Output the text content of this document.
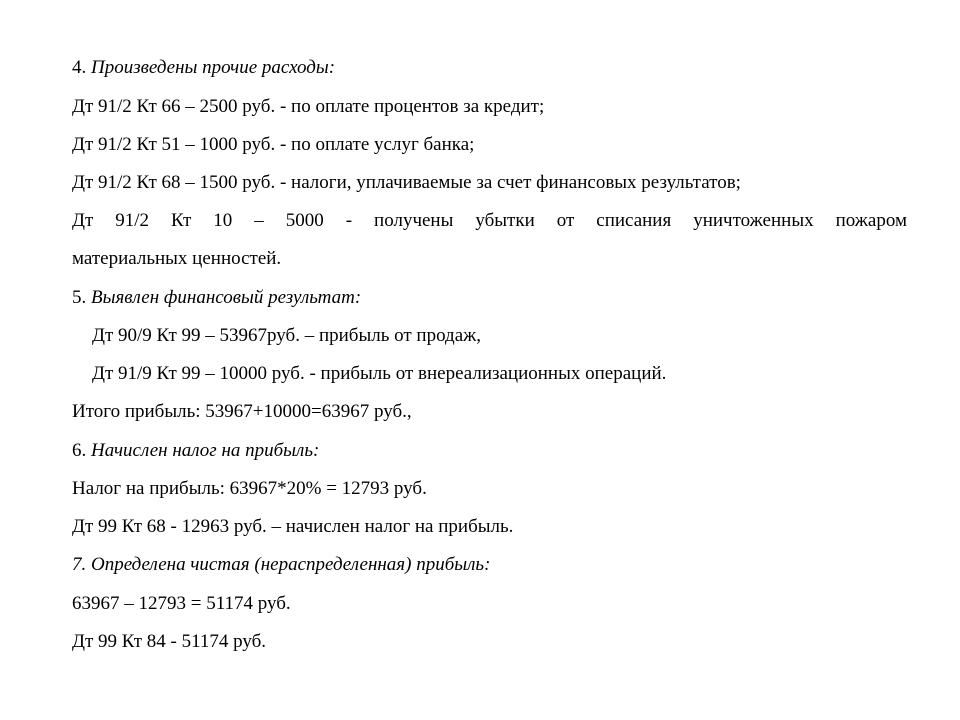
4. Произведены прочие расходы:
Дт 91/2 Кт 66 – 2500 руб. - по оплате процентов за кредит;
Дт 91/2 Кт 51 – 1000 руб. - по оплате услуг банка;
Дт 91/2 Кт 68 – 1500 руб. - налоги, уплачиваемые за счет финансовых результатов;
Дт 91/2 Кт 10 – 5000 - получены убытки от списания уничтоженных пожаром
материальных ценностей.
5. Выявлен финансовый результат:
Дт 90/9 Кт 99 – 53967руб. – прибыль от продаж,
Дт 91/9 Кт 99 – 10000 руб. - прибыль от внереализационных операций.
Итого прибыль: 53967+10000=63967 руб.,
6. Начислен налог на прибыль:
Налог на прибыль: 63967*20% = 12793 руб.
Дт 99 Кт 68 - 12963 руб. – начислен налог на прибыль.
7. Определена чистая (нераспределенная) прибыль:
63967 – 12793 = 51174 руб.
Дт 99 Кт 84 - 51174 руб.
